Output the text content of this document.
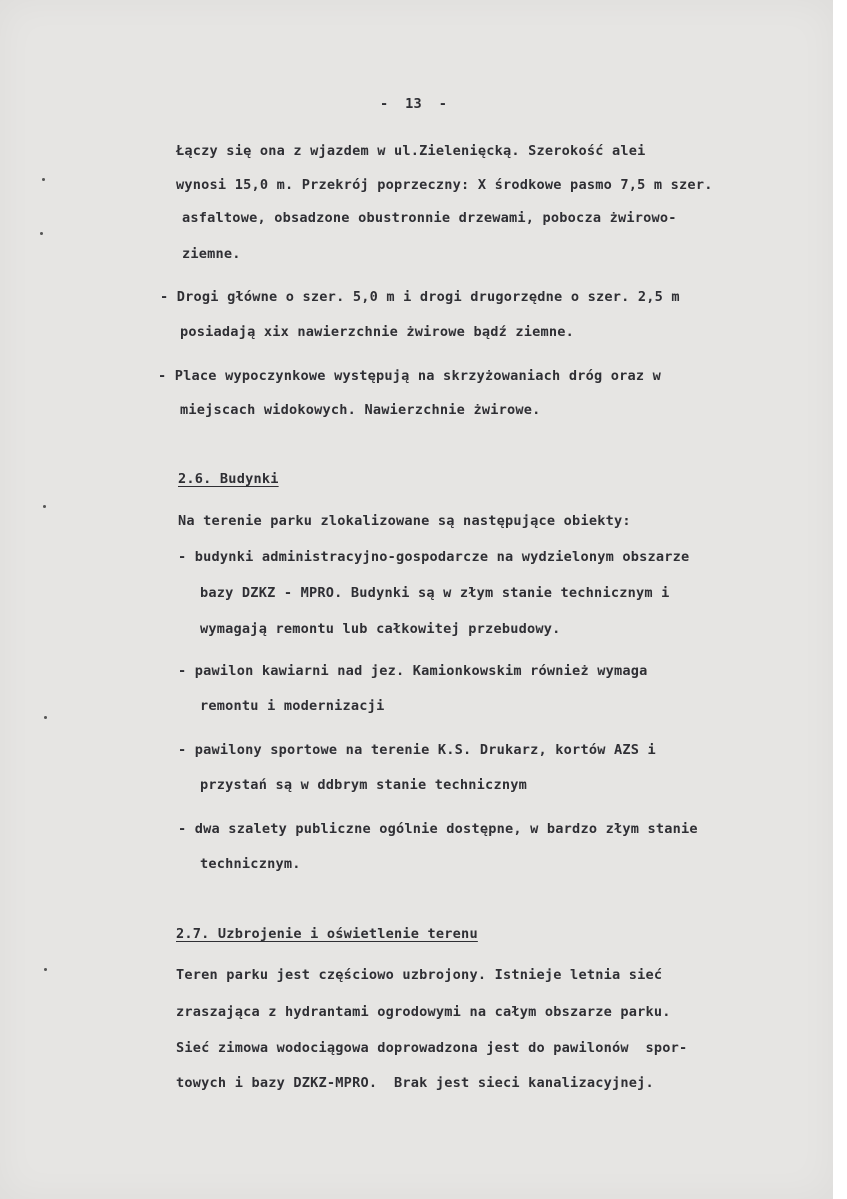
-  13  -
Łączy się ona z wjazdem w ul.Zielenięcką. Szerokość alei
wynosi 15,0 m. Przekrój poprzeczny: X środkowe pasmo 7,5 m szer.
asfaltowe, obsadzone obustronnie drzewami, pobocza żwirowo-
ziemne.
- Drogi główne o szer. 5,0 m i drogi drugorzędne o szer. 2,5 m
posiadają xix nawierzchnie żwirowe bądź ziemne.
- Place wypoczynkowe występują na skrzyżowaniach dróg oraz w
miejscach widokowych. Nawierzchnie żwirowe.
2.6. Budynki
Na terenie parku zlokalizowane są następujące obiekty:
- budynki administracyjno-gospodarcze na wydzielonym obszarze
bazy DZKZ - MPRO. Budynki są w złym stanie technicznym i
wymagają remontu lub całkowitej przebudowy.
- pawilon kawiarni nad jez. Kamionkowskim również wymaga
remontu i modernizacji
- pawilony sportowe na terenie K.S. Drukarz, kortów AZS i
przystań są w ddbrym stanie technicznym
- dwa szalety publiczne ogólnie dostępne, w bardzo złym stanie
technicznym.
2.7. Uzbrojenie i oświetlenie terenu
Teren parku jest częściowo uzbrojony. Istnieje letnia sieć
zraszająca z hydrantami ogrodowymi na całym obszarze parku.
Sieć zimowa wodociągowa doprowadzona jest do pawilonów  spor-
towych i bazy DZKZ-MPRO.  Brak jest sieci kanalizacyjnej.
